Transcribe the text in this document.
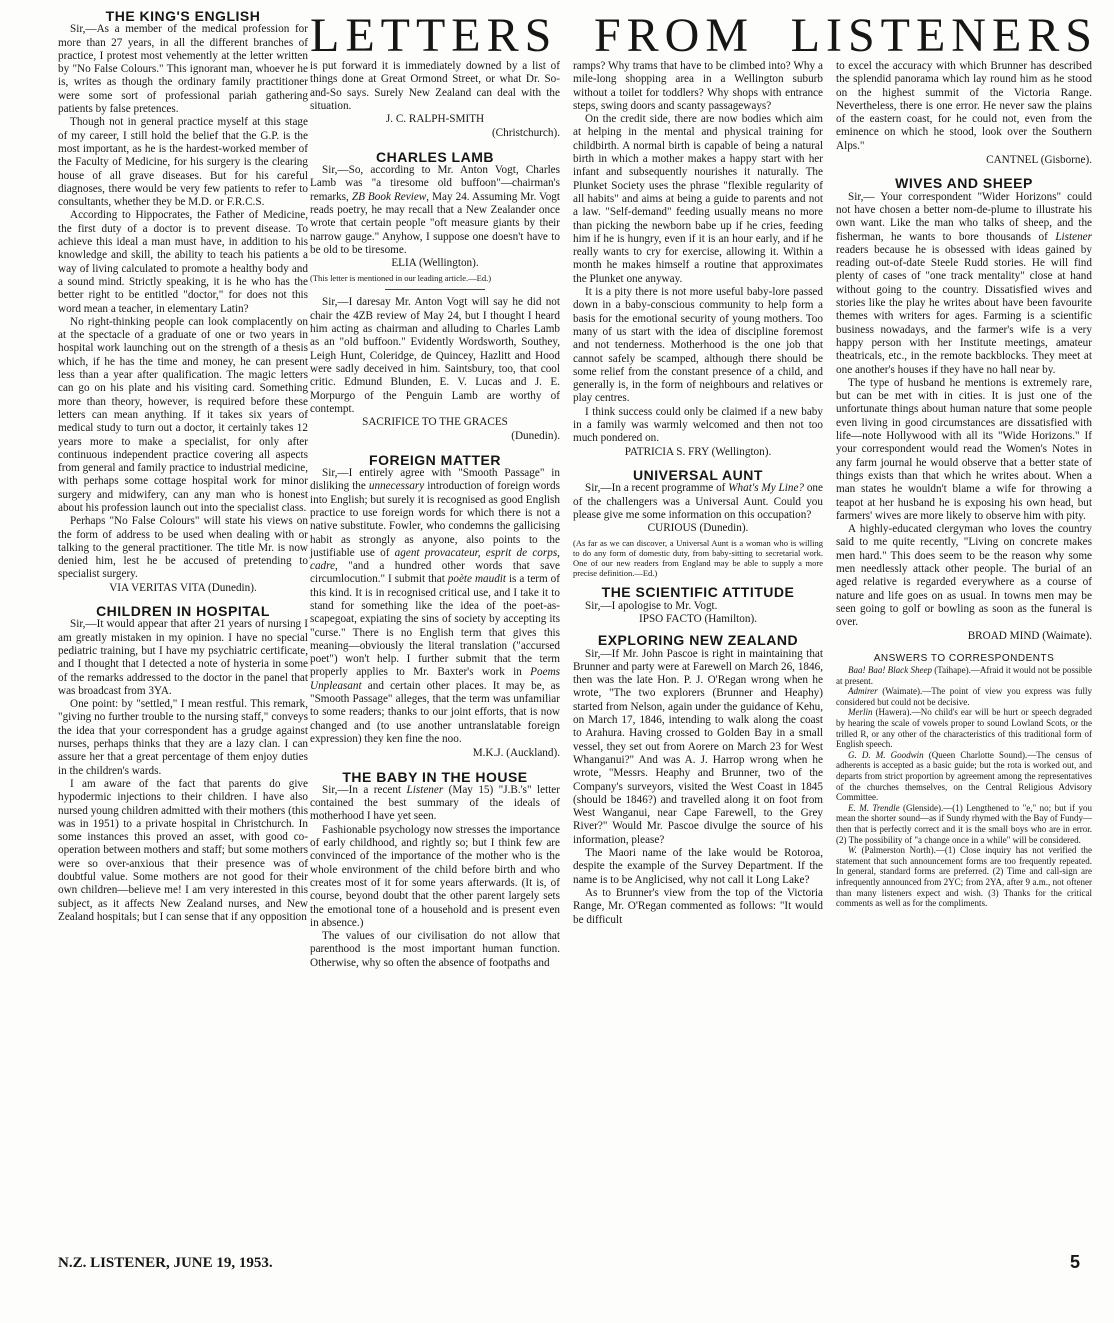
LETTERS FROM LISTENERS

THE KING'S ENGLISH

Sir,—As a member of the medical profession for more than 27 years, in all the different branches of practice, I protest most vehemently at the letter written by "No False Colours." This ignorant man, whoever he is, writes as though the ordinary family practitioner were some sort of professional pariah gathering patients by false pretences.

Though not in general practice myself at this stage of my career, I still hold the belief that the G.P. is the most important, as he is the hardest-worked member of the Faculty of Medicine, for his surgery is the clearing house of all grave diseases. But for his careful diagnoses, there would be very few patients to refer to consultants, whether they be M.D. or F.R.C.S.

According to Hippocrates, the Father of Medicine, the first duty of a doctor is to prevent disease. To achieve this ideal a man must have, in addition to his knowledge and skill, the ability to teach his patients a way of living calculated to promote a healthy body and a sound mind. Strictly speaking, it is he who has the better right to be entitled "doctor," for does not this word mean a teacher, in elementary Latin?

No right-thinking people can look complacently on at the spectacle of a graduate of one or two years in hospital work launching out on the strength of a thesis which, if he has the time and money, he can present less than a year after qualification. The magic letters can go on his plate and his visiting card. Something more than theory, however, is required before these letters can mean anything. If it takes six years of medical study to turn out a doctor, it certainly takes 12 years more to make a specialist, for only after continuous independent practice covering all aspects from general and family practice to industrial medicine, with perhaps some cottage hospital work for minor surgery and midwifery, can any man who is honest about his profession launch out into the specialist class.

Perhaps "No False Colours" will state his views on the form of address to be used when dealing with or talking to the general practitioner. The title Mr. is now denied him, lest he be accused of pretending to specialist surgery.

VIA VERITAS VITA (Dunedin).

CHILDREN IN HOSPITAL

Sir,—It would appear that after 21 years of nursing I am greatly mistaken in my opinion. I have no special pediatric training, but I have my psychiatric certificate, and I thought that I detected a note of hysteria in some of the remarks addressed to the doctor in the panel that was broadcast from 3YA.

One point: by "settled," I mean restful. This remark, "giving no further trouble to the nursing staff," conveys the idea that your correspondent has a grudge against nurses, perhaps thinks that they are a lazy clan. I can assure her that a great percentage of them enjoy duties in the children's wards.

I am aware of the fact that parents do give hypodermic injections to their children. I have also nursed young children admitted with their mothers (this was in 1951) to a private hospital in Christchurch. In some instances this proved an asset, with good co-operation between mothers and staff; but some mothers were so over-anxious that their presence was of doubtful value. Some mothers are not good for their own children—believe me! I am very interested in this subject, as it affects New Zealand nurses, and New Zealand hospitals; but I can sense that if any opposition

is put forward it is immediately downed by a list of things done at Great Ormond Street, or what Dr. So-and-So says. Surely New Zealand can deal with the situation.

J. C. RALPH-SMITH

(Christchurch).

CHARLES LAMB

Sir,—So, according to Mr. Anton Vogt, Charles Lamb was "a tiresome old buffoon"—chairman's remarks, ZB Book Review, May 24. Assuming Mr. Vogt reads poetry, he may recall that a New Zealander once wrote that certain people "oft measure giants by their narrow gauge." Anyhow, I suppose one doesn't have to be old to be tiresome.

ELIA (Wellington).

(This letter is mentioned in our leading article.—Ed.)

Sir,—I daresay Mr. Anton Vogt will say he did not chair the 4ZB review of May 24, but I thought I heard him acting as chairman and alluding to Charles Lamb as an "old buffoon." Evidently Wordsworth, Southey, Leigh Hunt, Coleridge, de Quincey, Hazlitt and Hood were sadly deceived in him. Saintsbury, too, that cool critic. Edmund Blunden, E. V. Lucas and J. E. Morpurgo of the Penguin Lamb are worthy of contempt.

SACRIFICE TO THE GRACES

(Dunedin).

FOREIGN MATTER

Sir,—I entirely agree with "Smooth Passage" in disliking the unnecessary introduction of foreign words into English; but surely it is recognised as good English practice to use foreign words for which there is not a native substitute. Fowler, who condemns the gallicising habit as strongly as anyone, also points to the justifiable use of agent provacateur, esprit de corps, cadre, "and a hundred other words that save circumlocution." I submit that poète maudit is a term of this kind. It is in recognised critical use, and I take it to stand for something like the idea of the poet-as-scapegoat, expiating the sins of society by accepting its "curse." There is no English term that gives this meaning—obviously the literal translation ("accursed poet") won't help. I further submit that the term properly applies to Mr. Baxter's work in Poems Unpleasant and certain other places. It may be, as "Smooth Passage" alleges, that the term was unfamiliar to some readers; thanks to our joint efforts, that is now changed and (to use another untranslatable foreign expression) they ken fine the noo.

M.K.J. (Auckland).

THE BABY IN THE HOUSE

Sir,—In a recent Listener (May 15) "J.B.'s" letter contained the best summary of the ideals of motherhood I have yet seen.

Fashionable psychology now stresses the importance of early childhood, and rightly so; but I think few are convinced of the importance of the mother who is the whole environment of the child before birth and who creates most of it for some years afterwards. (It is, of course, beyond doubt that the other parent largely sets the emotional tone of a household and is present even in absence.)

The values of our civilisation do not allow that parenthood is the most important human function. Otherwise, why so often the absence of footpaths and

ramps? Why trams that have to be climbed into? Why a mile-long shopping area in a Wellington suburb without a toilet for toddlers? Why shops with entrance steps, swing doors and scanty passageways?

On the credit side, there are now bodies which aim at helping in the mental and physical training for childbirth. A normal birth is capable of being a natural birth in which a mother makes a happy start with her infant and subsequently nourishes it naturally. The Plunket Society uses the phrase "flexible regularity of all habits" and aims at being a guide to parents and not a law. "Self-demand" feeding usually means no more than picking the newborn babe up if he cries, feeding him if he is hungry, even if it is an hour early, and if he really wants to cry for exercise, allowing it. Within a month he makes himself a routine that approximates the Plunket one anyway.

It is a pity there is not more useful baby-lore passed down in a baby-conscious community to help form a basis for the emotional security of young mothers. Too many of us start with the idea of discipline foremost and not tenderness. Motherhood is the one job that cannot safely be scamped, although there should be some relief from the constant presence of a child, and generally is, in the form of neighbours and relatives or play centres.

I think success could only be claimed if a new baby in a family was warmly welcomed and then not too much pondered on.

PATRICIA S. FRY (Wellington).

UNIVERSAL AUNT

Sir,—In a recent programme of What's My Line? one of the challengers was a Universal Aunt. Could you please give me some information on this occupation?

CURIOUS (Dunedin).

(As far as we can discover, a Universal Aunt is a woman who is willing to do any form of domestic duty, from baby-sitting to secretarial work. One of our new readers from England may be able to supply a more precise definition.—Ed.)

THE SCIENTIFIC ATTITUDE

Sir,—I apologise to Mr. Vogt.

IPSO FACTO (Hamilton).

EXPLORING NEW ZEALAND

Sir,—If Mr. John Pascoe is right in maintaining that Brunner and party were at Farewell on March 26, 1846, then was the late Hon. P. J. O'Regan wrong when he wrote, "The two explorers (Brunner and Heaphy) started from Nelson, again under the guidance of Kehu, on March 17, 1846, intending to walk along the coast to Arahura. Having crossed to Golden Bay in a small vessel, they set out from Aorere on March 23 for West Whanganui?" And was A. J. Harrop wrong when he wrote, "Messrs. Heaphy and Brunner, two of the Company's surveyors, visited the West Coast in 1845 (should be 1846?) and travelled along it on foot from West Wanganui, near Cape Farewell, to the Grey River?" Would Mr. Pascoe divulge the source of his information, please?

The Maori name of the lake would be Rotoroa, despite the example of the Survey Department. If the name is to be Anglicised, why not call it Long Lake?

As to Brunner's view from the top of the Victoria Range, Mr. O'Regan commented as follows: "It would be difficult

to excel the accuracy with which Brunner has described the splendid panorama which lay round him as he stood on the highest summit of the Victoria Range. Nevertheless, there is one error. He never saw the plains of the eastern coast, for he could not, even from the eminence on which he stood, look over the Southern Alps."

CANTNEL (Gisborne).

WIVES AND SHEEP

Sir,— Your correspondent "Wider Horizons" could not have chosen a better nom-de-plume to illustrate his own want. Like the man who talks of sheep, and the fisherman, he wants to bore thousands of Listener readers because he is obsessed with ideas gained by reading out-of-date Steele Rudd stories. He will find plenty of cases of "one track mentality" close at hand without going to the country. Dissatisfied wives and stories like the play he writes about have been favourite themes with writers for ages. Farming is a scientific business nowadays, and the farmer's wife is a very happy person with her Institute meetings, amateur theatricals, etc., in the remote backblocks. They meet at one another's houses if they have no hall near by.

The type of husband he mentions is extremely rare, but can be met with in cities. It is just one of the unfortunate things about human nature that some people even living in good circumstances are dissatisfied with life—note Hollywood with all its "Wide Horizons." If your correspondent would read the Women's Notes in any farm journal he would observe that a better state of things exists than that which he writes about. When a man states he wouldn't blame a wife for throwing a teapot at her husband he is exposing his own head, but farmers' wives are more likely to observe him with pity.

A highly-educated clergyman who loves the country said to me quite recently, "Living on concrete makes men hard." This does seem to be the reason why some men needlessly attack other people. The burial of an aged relative is regarded everywhere as a course of nature and life goes on as usual. In towns men may be seen going to golf or bowling as soon as the funeral is over.

BROAD MIND (Waimate).

ANSWERS TO CORRESPONDENTS

Baa! Baa! Black Sheep (Taihape).—Afraid it would not be possible at present.

Admirer (Waimate).—The point of view you express was fully considered but could not be decisive.

Merlin (Hawera).—No child's ear will be hurt or speech degraded by hearing the scale of vowels proper to sound Lowland Scots, or the trilled R, or any other of the characteristics of this traditional form of English speech.

G. D. M. Goodwin (Queen Charlotte Sound).—The census of adherents is accepted as a basic guide; but the rota is worked out, and departs from strict proportion by agreement among the representatives of the churches themselves, on the Central Religious Advisory Committee.

E. M. Trendle (Glenside).—(1) Lengthened to "e," no; but if you mean the shorter sound—as if Sundy rhymed with the Bay of Fundy—then that is perfectly correct and it is the small boys who are in error. (2) The possibility of "a change once in a while" will be considered.

W. (Palmerston North).—(1) Close inquiry has not verified the statement that such announcement forms are too frequently repeated. In general, standard forms are preferred. (2) Time and call-sign are infrequently announced from 2YC; from 2YA, after 9 a.m., not oftener than many listeners expect and wish. (3) Thanks for the critical comments as well as for the compliments.

N.Z. LISTENER, JUNE 19, 1953.	5
